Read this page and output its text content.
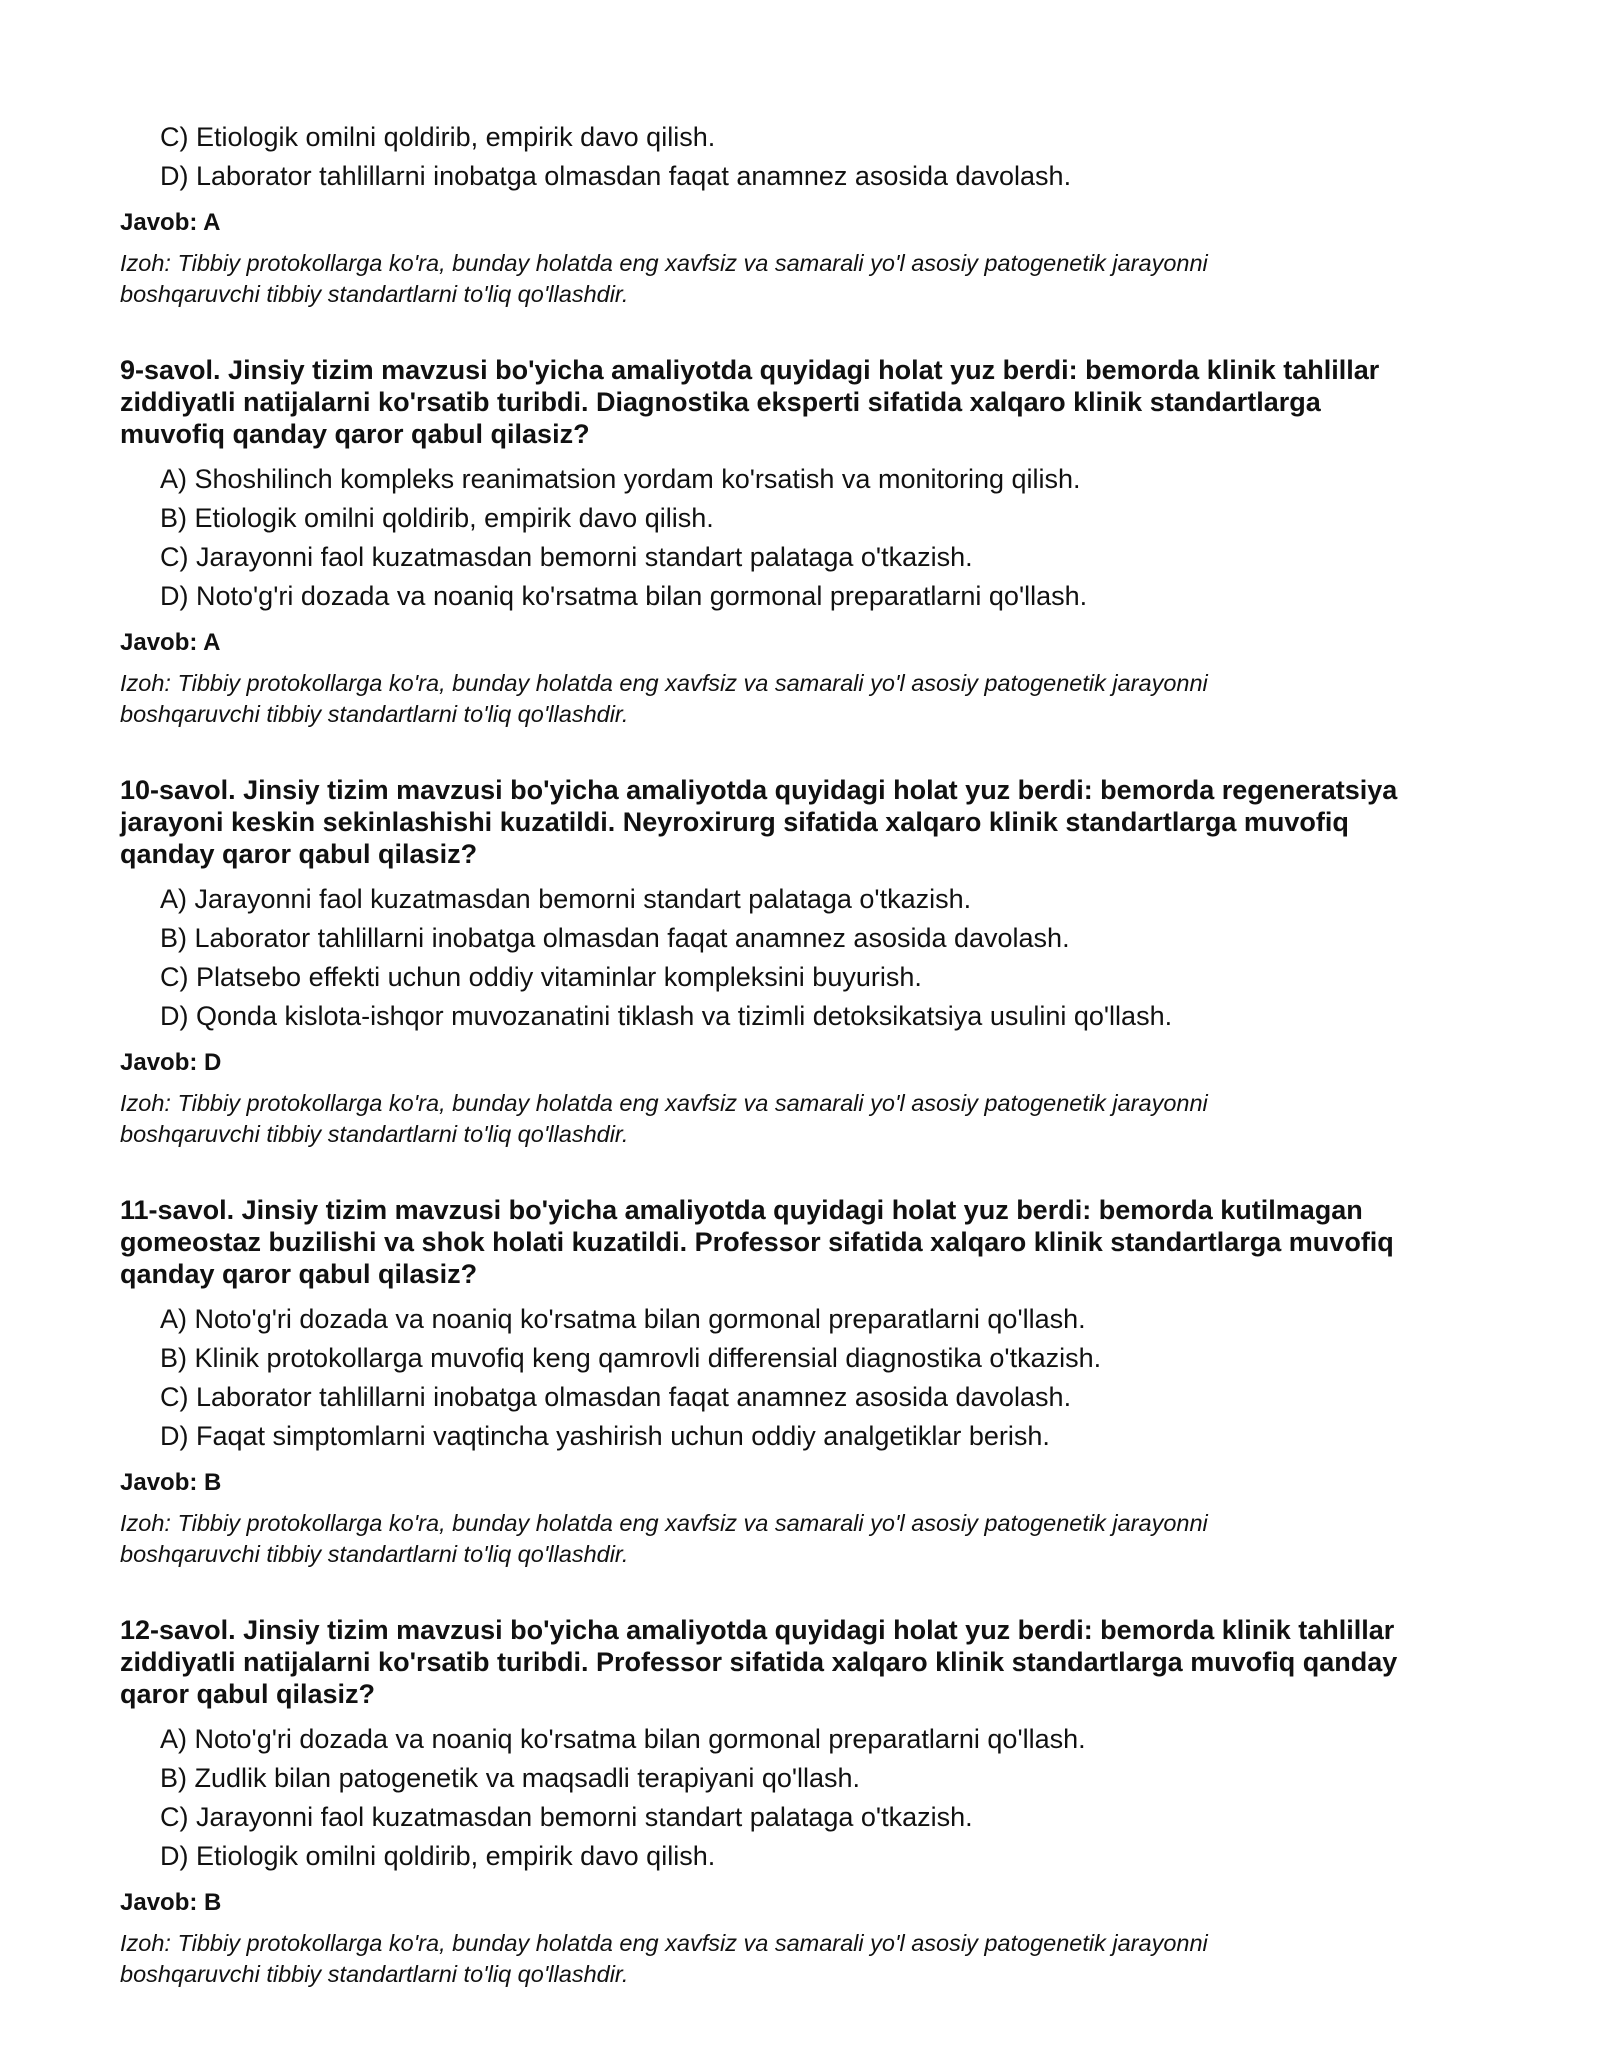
C) Etiologik omilni qoldirib, empirik davo qilish.
D) Laborator tahlillarni inobatga olmasdan faqat anamnez asosida davolash.
Javob: A
Izoh: Tibbiy protokollarga ko'ra, bunday holatda eng xavfsiz va samarali yo'l asosiy patogenetik jarayonni
boshqaruvchi tibbiy standartlarni to'liq qo'llashdir.
9-savol. Jinsiy tizim mavzusi bo'yicha amaliyotda quyidagi holat yuz berdi: bemorda klinik tahlillar
ziddiyatli natijalarni ko'rsatib turibdi. Diagnostika eksperti sifatida xalqaro klinik standartlarga
muvofiq qanday qaror qabul qilasiz?
A) Shoshilinch kompleks reanimatsion yordam ko'rsatish va monitoring qilish.
B) Etiologik omilni qoldirib, empirik davo qilish.
C) Jarayonni faol kuzatmasdan bemorni standart palataga o'tkazish.
D) Noto'g'ri dozada va noaniq ko'rsatma bilan gormonal preparatlarni qo'llash.
Javob: A
Izoh: Tibbiy protokollarga ko'ra, bunday holatda eng xavfsiz va samarali yo'l asosiy patogenetik jarayonni
boshqaruvchi tibbiy standartlarni to'liq qo'llashdir.
10-savol. Jinsiy tizim mavzusi bo'yicha amaliyotda quyidagi holat yuz berdi: bemorda regeneratsiya
jarayoni keskin sekinlashishi kuzatildi. Neyroxirurg sifatida xalqaro klinik standartlarga muvofiq
qanday qaror qabul qilasiz?
A) Jarayonni faol kuzatmasdan bemorni standart palataga o'tkazish.
B) Laborator tahlillarni inobatga olmasdan faqat anamnez asosida davolash.
C) Platsebo effekti uchun oddiy vitaminlar kompleksini buyurish.
D) Qonda kislota-ishqor muvozanatini tiklash va tizimli detoksikatsiya usulini qo'llash.
Javob: D
Izoh: Tibbiy protokollarga ko'ra, bunday holatda eng xavfsiz va samarali yo'l asosiy patogenetik jarayonni
boshqaruvchi tibbiy standartlarni to'liq qo'llashdir.
11-savol. Jinsiy tizim mavzusi bo'yicha amaliyotda quyidagi holat yuz berdi: bemorda kutilmagan
gomeostaz buzilishi va shok holati kuzatildi. Professor sifatida xalqaro klinik standartlarga muvofiq
qanday qaror qabul qilasiz?
A) Noto'g'ri dozada va noaniq ko'rsatma bilan gormonal preparatlarni qo'llash.
B) Klinik protokollarga muvofiq keng qamrovli differensial diagnostika o'tkazish.
C) Laborator tahlillarni inobatga olmasdan faqat anamnez asosida davolash.
D) Faqat simptomlarni vaqtincha yashirish uchun oddiy analgetiklar berish.
Javob: B
Izoh: Tibbiy protokollarga ko'ra, bunday holatda eng xavfsiz va samarali yo'l asosiy patogenetik jarayonni
boshqaruvchi tibbiy standartlarni to'liq qo'llashdir.
12-savol. Jinsiy tizim mavzusi bo'yicha amaliyotda quyidagi holat yuz berdi: bemorda klinik tahlillar
ziddiyatli natijalarni ko'rsatib turibdi. Professor sifatida xalqaro klinik standartlarga muvofiq qanday
qaror qabul qilasiz?
A) Noto'g'ri dozada va noaniq ko'rsatma bilan gormonal preparatlarni qo'llash.
B) Zudlik bilan patogenetik va maqsadli terapiyani qo'llash.
C) Jarayonni faol kuzatmasdan bemorni standart palataga o'tkazish.
D) Etiologik omilni qoldirib, empirik davo qilish.
Javob: B
Izoh: Tibbiy protokollarga ko'ra, bunday holatda eng xavfsiz va samarali yo'l asosiy patogenetik jarayonni
boshqaruvchi tibbiy standartlarni to'liq qo'llashdir.
